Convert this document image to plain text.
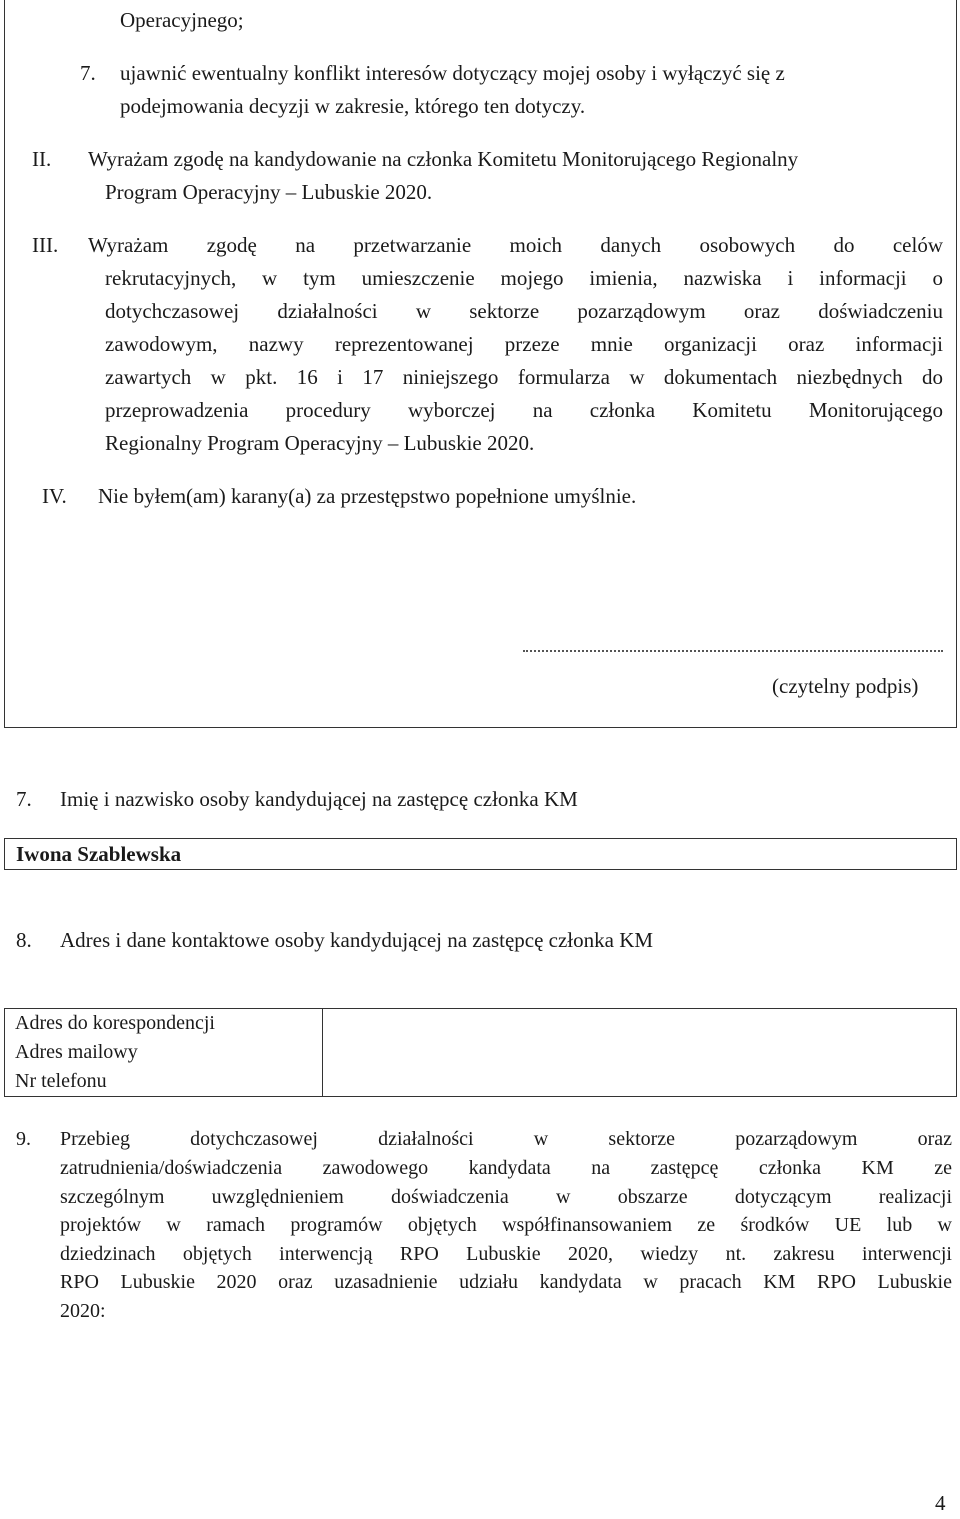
Operacyjnego;
7. ujawnić ewentualny konflikt interesów dotyczący mojej osoby i wyłączyć się z
podejmowania decyzji w zakresie, którego ten dotyczy.
II. Wyrażam zgodę na kandydowanie na członka Komitetu Monitorującego Regionalny
Program Operacyjny – Lubuskie 2020.
III. Wyrażam zgodę na przetwarzanie moich danych osobowych do celów
rekrutacyjnych, w tym umieszczenie mojego imienia, nazwiska i informacji o
dotychczasowej działalności w sektorze pozarządowym oraz doświadczeniu
zawodowym, nazwy reprezentowanej przeze mnie organizacji oraz informacji
zawartych w pkt. 16 i 17 niniejszego formularza w dokumentach niezbędnych do
przeprowadzenia procedury wyborczej na członka Komitetu Monitorującego
Regionalny Program Operacyjny – Lubuskie 2020.
IV. Nie byłem(am) karany(a) za przestępstwo popełnione umyślnie.
(czytelny podpis)
7. Imię i nazwisko osoby kandydującej na zastępcę członka KM
Iwona Szablewska
8. Adres i dane kontaktowe osoby kandydującej na zastępcę członka KM
Adres do korespondencji
Adres mailowy
Nr telefonu

9. Przebieg dotychczasowej działalności w sektorze pozarządowym oraz
zatrudnienia/doświadczenia zawodowego kandydata na zastępcę członka KM ze
szczególnym uwzględnieniem doświadczenia w obszarze dotyczącym realizacji
projektów w ramach programów objętych współfinansowaniem ze środków UE lub w
dziedzinach objętych interwencją RPO Lubuskie 2020, wiedzy nt. zakresu interwencji
RPO Lubuskie 2020 oraz uzasadnienie udziału kandydata w pracach KM RPO Lubuskie
2020:
4
